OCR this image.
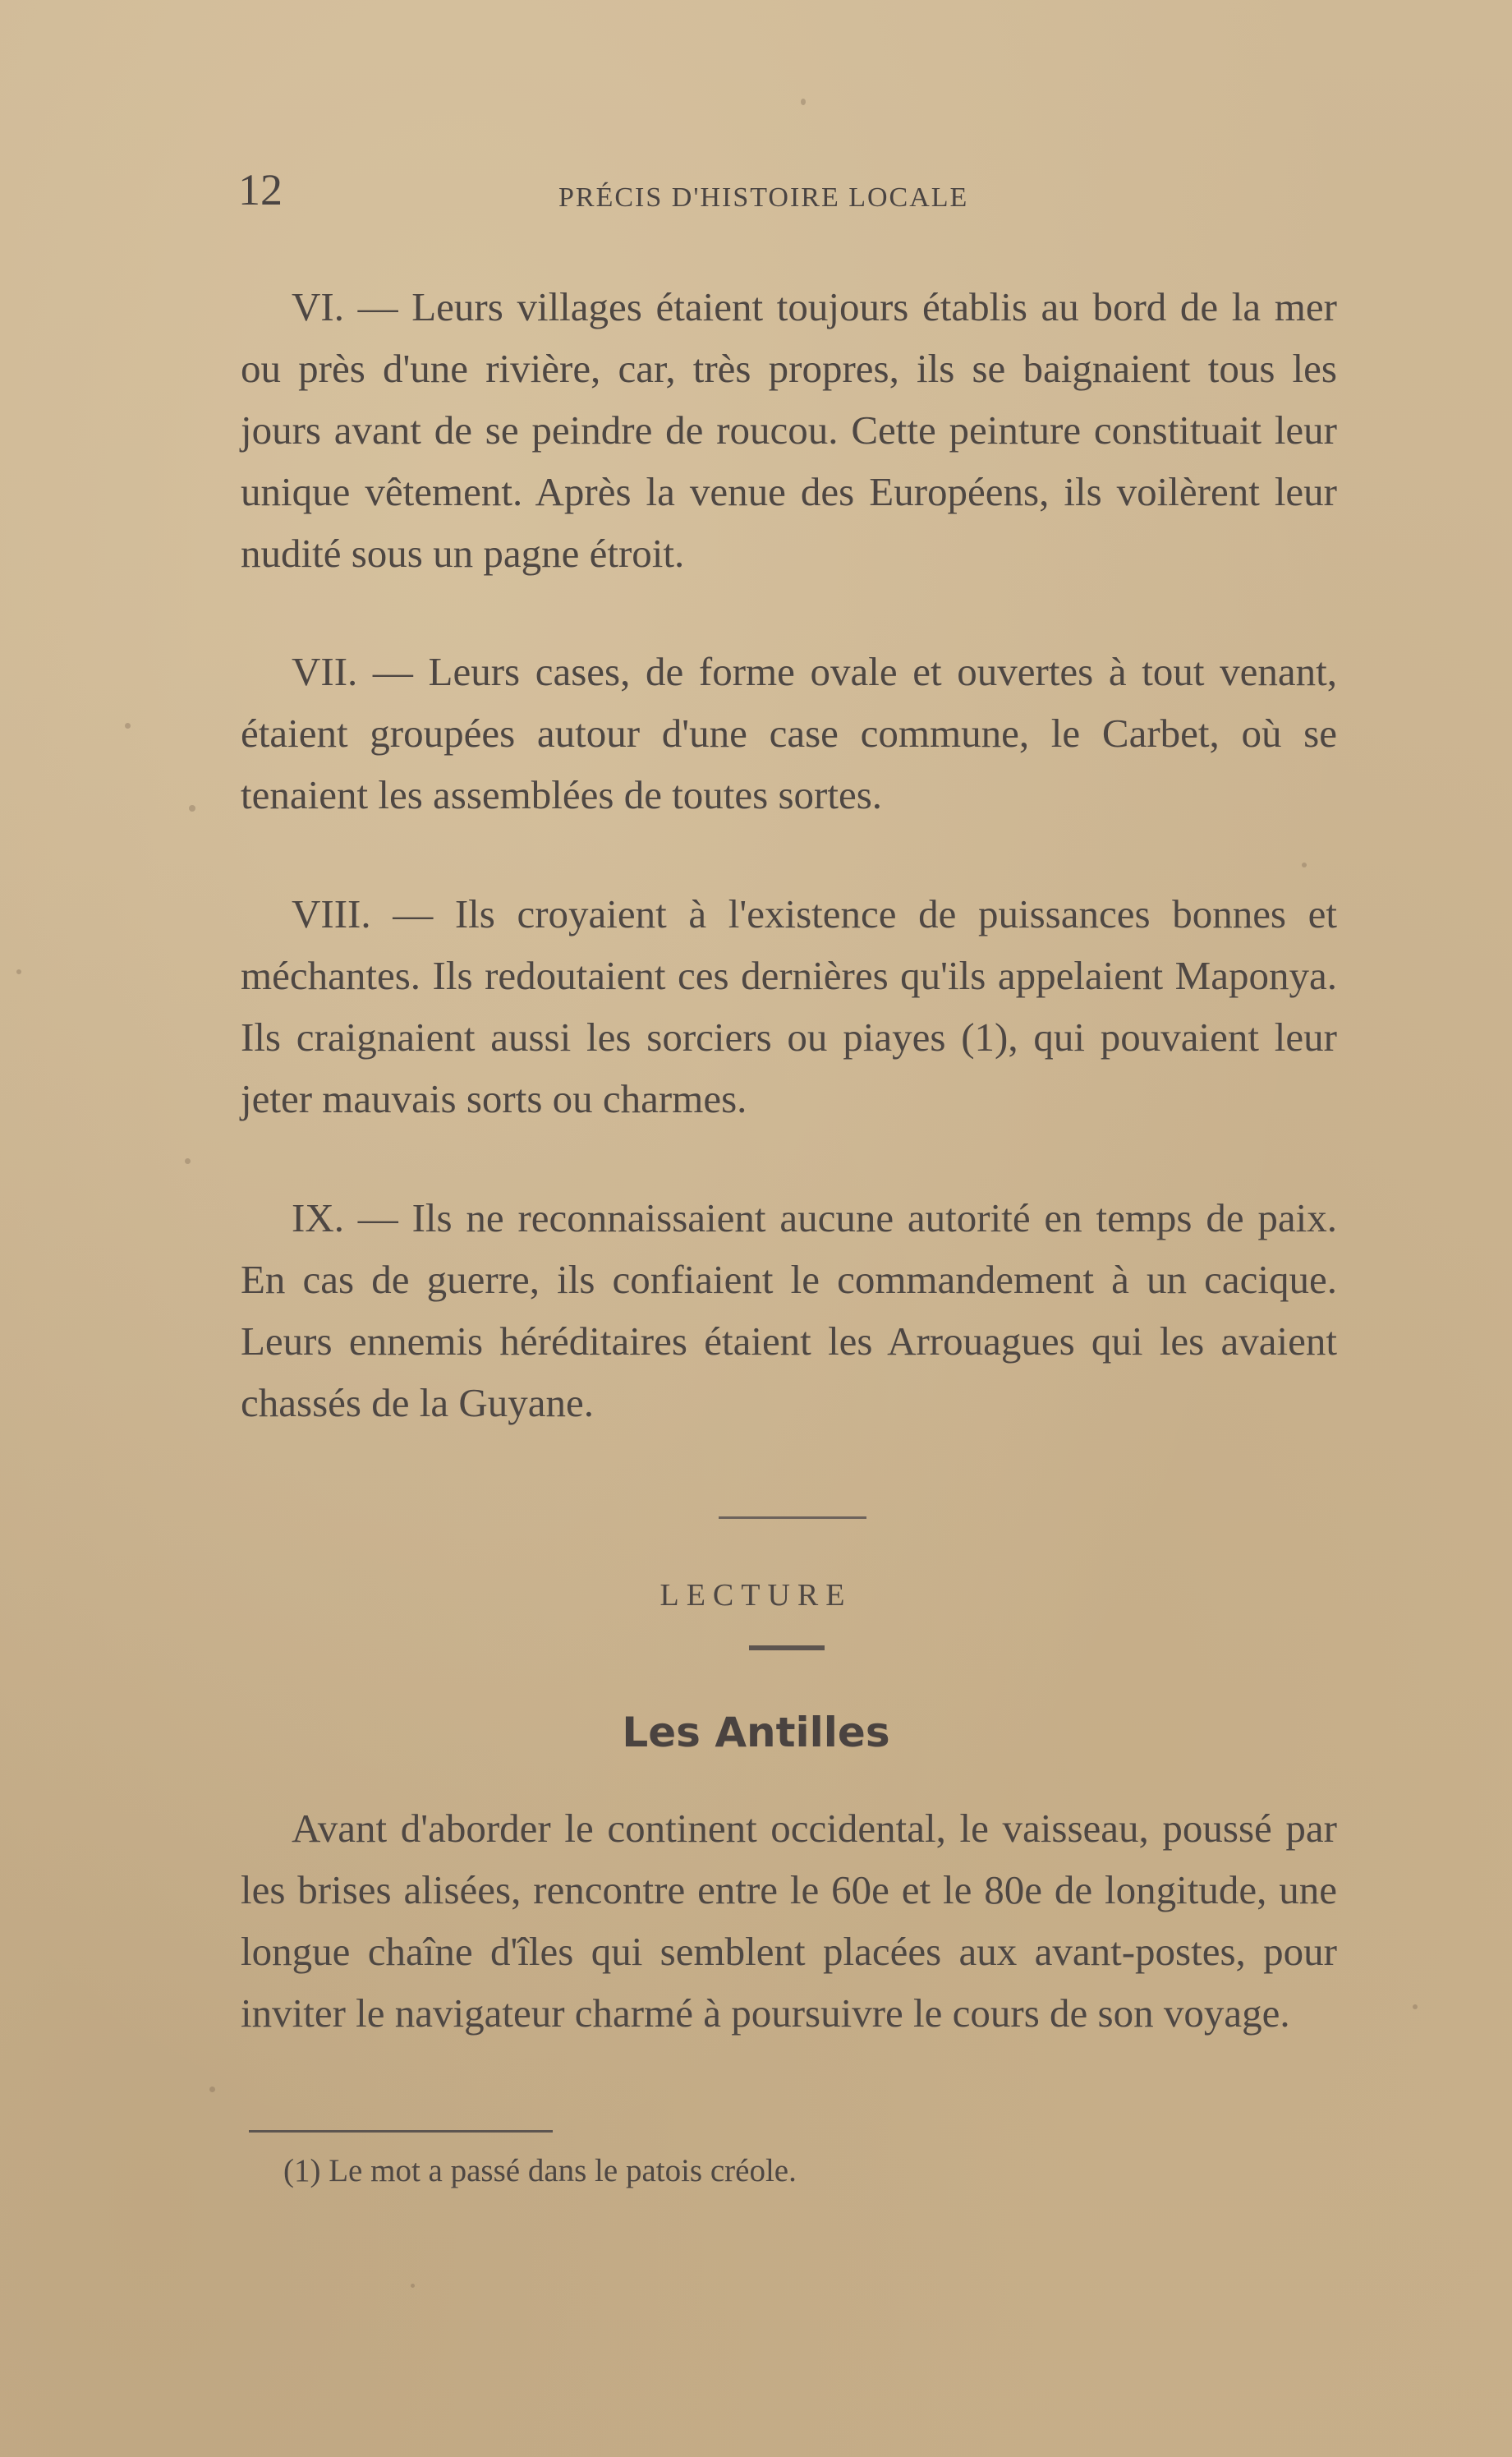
12	PRÉCIS D'HISTOIRE LOCALE

VI. — Leurs villages étaient toujours établis au bord de la mer ou près d'une rivière, car, très propres, ils se baignaient tous les jours avant de se peindre de roucou. Cette peinture constituait leur unique vêtement. Après la venue des Européens, ils voilèrent leur nudité sous un pagne étroit.

VII. — Leurs cases, de forme ovale et ouvertes à tout venant, étaient groupées autour d'une case commune, le Carbet, où se tenaient les assemblées de toutes sortes.

VIII. — Ils croyaient à l'existence de puissances bonnes et méchantes. Ils redoutaient ces dernières qu'ils appelaient Maponya. Ils craignaient aussi les sorciers ou piayes (1), qui pouvaient leur jeter mauvais sorts ou charmes.

IX. — Ils ne reconnaissaient aucune autorité en temps de paix. En cas de guerre, ils confiaient le commandement à un cacique. Leurs ennemis héréditaires étaient les Arrouagues qui les avaient chassés de la Guyane.

LECTURE
Les Antilles

Avant d'aborder le continent occidental, le vaisseau, poussé par les brises alisées, rencontre entre le 60e et le 80e de longitude, une longue chaîne d'îles qui semblent placées aux avant-postes, pour inviter le navigateur charmé à poursuivre le cours de son voyage.

(1) Le mot a passé dans le patois créole.
